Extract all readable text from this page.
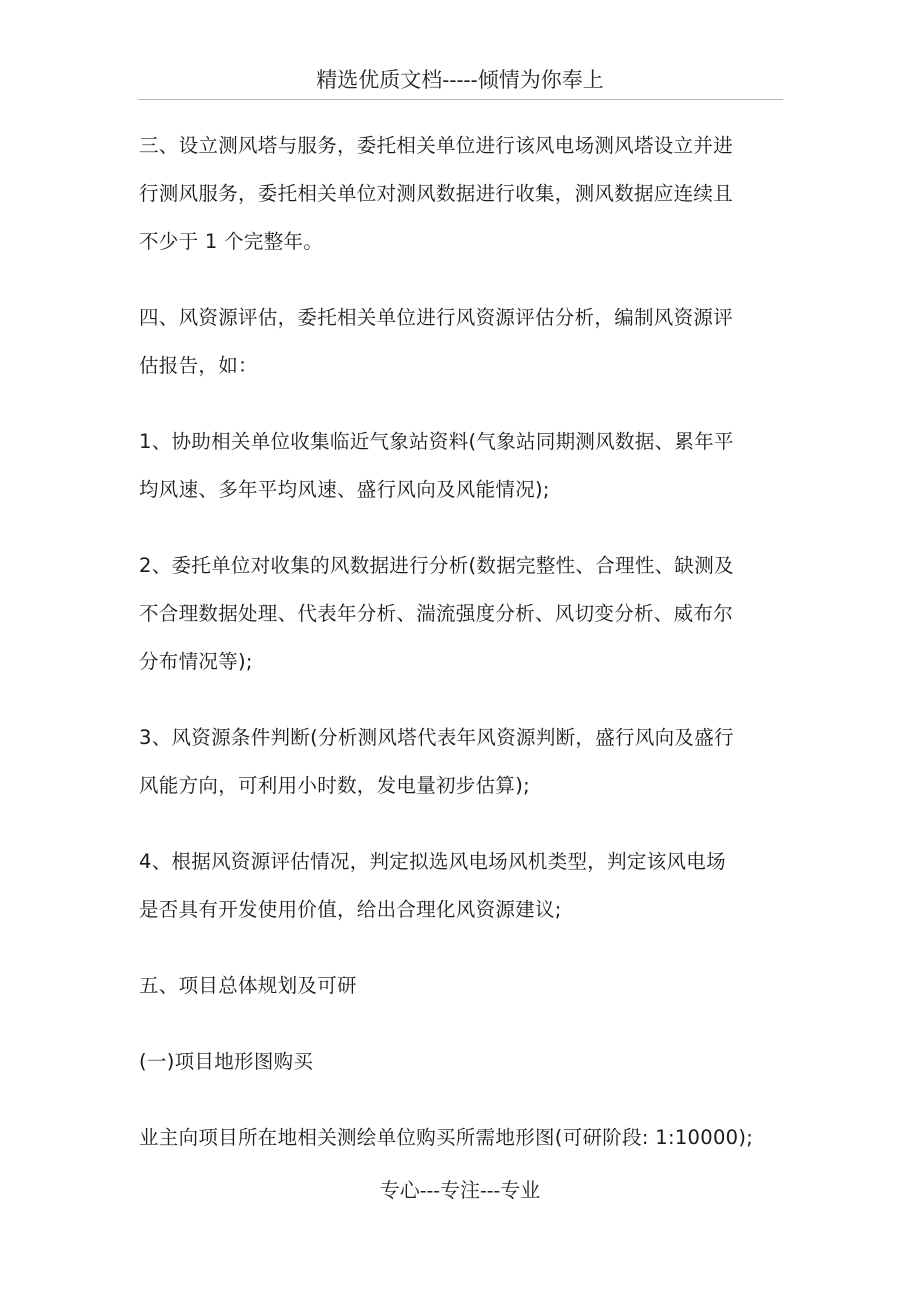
精选优质文档-----倾情为你奉上

三、设立测风塔与服务，委托相关单位进行该风电场测风塔设立并进
行测风服务，委托相关单位对测风数据进行收集，测风数据应连续且
不少于 1 个完整年。

四、风资源评估，委托相关单位进行风资源评估分析，编制风资源评
估报告，如：

1、协助相关单位收集临近气象站资料(气象站同期测风数据、累年平
均风速、多年平均风速、盛行风向及风能情况);

2、委托单位对收集的风数据进行分析(数据完整性、合理性、缺测及
不合理数据处理、代表年分析、湍流强度分析、风切变分析、威布尔
分布情况等);

3、风资源条件判断(分析测风塔代表年风资源判断，盛行风向及盛行
风能方向，可利用小时数，发电量初步估算);

4、根据风资源评估情况，判定拟选风电场风机类型，判定该风电场
是否具有开发使用价值，给出合理化风资源建议;

五、项目总体规划及可研

(一)项目地形图购买

业主向项目所在地相关测绘单位购买所需地形图(可研阶段: 1:10000);

专心---专注---专业
